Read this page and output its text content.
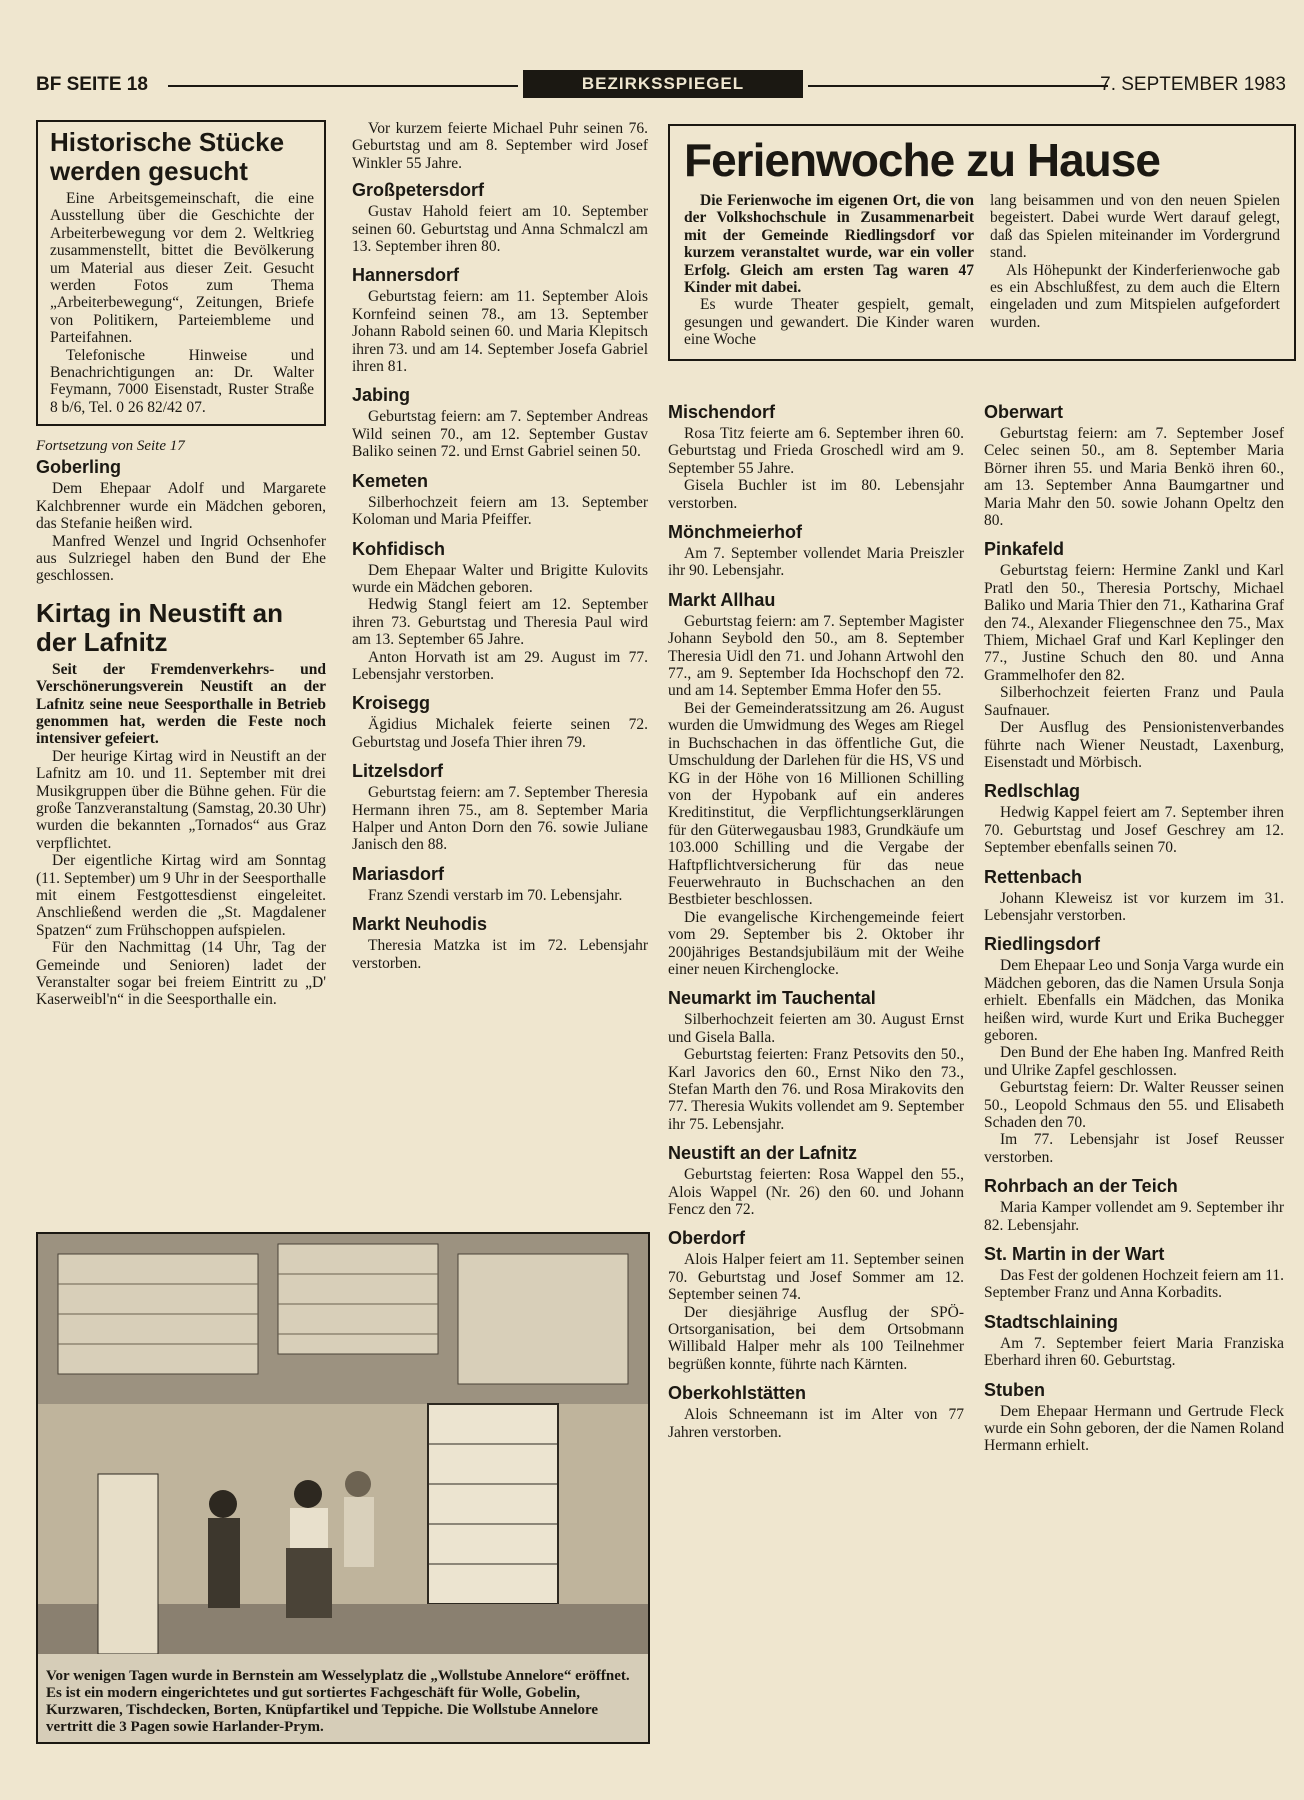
BF SEITE 18	BEZIRKSSPIEGEL	7. SEPTEMBER 1983
Historische Stücke werden gesucht

Eine Arbeitsgemeinschaft, die eine Ausstellung über die Geschichte der Arbeiterbewegung vor dem 2. Weltkrieg zusammenstellt, bittet die Bevölkerung um Material aus dieser Zeit. Gesucht werden Fotos zum Thema „Arbeiterbewegung“, Zeitungen, Briefe von Politikern, Parteiembleme und Parteifahnen.

Telefonische Hinweise und Benachrichtigungen an: Dr. Walter Feymann, 7000 Eisenstadt, Ruster Straße 8 b/6, Tel. 0 26 82/42 07.

Fortsetzung von Seite 17
Goberling

Dem Ehepaar Adolf und Margarete Kalchbrenner wurde ein Mädchen geboren, das Stefanie heißen wird.

Manfred Wenzel und Ingrid Ochsenhofer aus Sulzriegel haben den Bund der Ehe geschlossen.

Kirtag in Neustift an der Lafnitz

Seit der Fremdenverkehrs- und Verschönerungsverein Neustift an der Lafnitz seine neue Seesporthalle in Betrieb genommen hat, werden die Feste noch intensiver gefeiert.

Der heurige Kirtag wird in Neustift an der Lafnitz am 10. und 11. September mit drei Musikgruppen über die Bühne gehen. Für die große Tanzveranstaltung (Samstag, 20.30 Uhr) wurden die bekannten „Tornados“ aus Graz verpflichtet.

Der eigentliche Kirtag wird am Sonntag (11. September) um 9 Uhr in der Seesporthalle mit einem Festgottesdienst eingeleitet. Anschließend werden die „St. Magdalener Spatzen“ zum Frühschoppen aufspielen.

Für den Nachmittag (14 Uhr, Tag der Gemeinde und Senioren) ladet der Veranstalter sogar bei freiem Eintritt zu „D' Kaserweibl'n“ in die Seesporthalle ein.

Vor kurzem feierte Michael Puhr seinen 76. Geburtstag und am 8. September wird Josef Winkler 55 Jahre.

Großpetersdorf

Gustav Hahold feiert am 10. September seinen 60. Geburtstag und Anna Schmalczl am 13. September ihren 80.

Hannersdorf

Geburtstag feiern: am 11. September Alois Kornfeind seinen 78., am 13. September Johann Rabold seinen 60. und Maria Klepitsch ihren 73. und am 14. September Josefa Gabriel ihren 81.

Jabing

Geburtstag feiern: am 7. September Andreas Wild seinen 70., am 12. September Gustav Baliko seinen 72. und Ernst Gabriel seinen 50.

Kemeten

Silberhochzeit feiern am 13. September Koloman und Maria Pfeiffer.

Kohfidisch

Dem Ehepaar Walter und Brigitte Kulovits wurde ein Mädchen geboren.

Hedwig Stangl feiert am 12. September ihren 73. Geburtstag und Theresia Paul wird am 13. September 65 Jahre.

Anton Horvath ist am 29. August im 77. Lebensjahr verstorben.

Kroisegg

Ägidius Michalek feierte seinen 72. Geburtstag und Josefa Thier ihren 79.

Litzelsdorf

Geburtstag feiern: am 7. September Theresia Hermann ihren 75., am 8. September Maria Halper und Anton Dorn den 76. sowie Juliane Janisch den 88.

Mariasdorf

Franz Szendi verstarb im 70. Lebensjahr.

Markt Neuhodis

Theresia Matzka ist im 72. Lebensjahr verstorben.

Ferienwoche zu Hause

Die Ferienwoche im eigenen Ort, die von der Volkshochschule in Zusammenarbeit mit der Gemeinde Riedlingsdorf vor kurzem veranstaltet wurde, war ein voller Erfolg. Gleich am ersten Tag waren 47 Kinder mit dabei.

Es wurde Theater gespielt, gemalt, gesungen und gewandert. Die Kinder waren eine Woche

lang beisammen und von den neuen Spielen begeistert. Dabei wurde Wert darauf gelegt, daß das Spielen miteinander im Vordergrund stand.

Als Höhepunkt der Kinderferienwoche gab es ein Abschlußfest, zu dem auch die Eltern eingeladen und zum Mitspielen aufgefordert wurden.

Mischendorf

Rosa Titz feierte am 6. September ihren 60. Geburtstag und Frieda Groschedl wird am 9. September 55 Jahre.

Gisela Buchler ist im 80. Lebensjahr verstorben.

Mönchmeierhof

Am 7. September vollendet Maria Preiszler ihr 90. Lebensjahr.

Markt Allhau

Geburtstag feiern: am 7. September Magister Johann Seybold den 50., am 8. September Theresia Uidl den 71. und Johann Artwohl den 77., am 9. September Ida Hochschopf den 72. und am 14. September Emma Hofer den 55.

Bei der Gemeinderatssitzung am 26. August wurden die Umwidmung des Weges am Riegel in Buchschachen in das öffentliche Gut, die Umschuldung der Darlehen für die HS, VS und KG in der Höhe von 16 Millionen Schilling von der Hypobank auf ein anderes Kreditinstitut, die Verpflichtungserklärungen für den Güterwegausbau 1983, Grundkäufe um 103.000 Schilling und die Vergabe der Haftpflichtversicherung für das neue Feuerwehrauto in Buchschachen an den Bestbieter beschlossen.

Die evangelische Kirchengemeinde feiert vom 29. September bis 2. Oktober ihr 200jähriges Bestandsjubiläum mit der Weihe einer neuen Kirchenglocke.

Neumarkt im Tauchental

Silberhochzeit feierten am 30. August Ernst und Gisela Balla.

Geburtstag feierten: Franz Petsovits den 50., Karl Javorics den 60., Ernst Niko den 73., Stefan Marth den 76. und Rosa Mirakovits den 77. Theresia Wukits vollendet am 9. September ihr 75. Lebensjahr.

Neustift an der Lafnitz

Geburtstag feierten: Rosa Wappel den 55., Alois Wappel (Nr. 26) den 60. und Johann Fencz den 72.

Oberdorf

Alois Halper feiert am 11. September seinen 70. Geburtstag und Josef Sommer am 12. September seinen 74.

Der diesjährige Ausflug der SPÖ-Ortsorganisation, bei dem Ortsobmann Willibald Halper mehr als 100 Teilnehmer begrüßen konnte, führte nach Kärnten.

Oberkohlstätten

Alois Schneemann ist im Alter von 77 Jahren verstorben.

Oberwart

Geburtstag feiern: am 7. September Josef Celec seinen 50., am 8. September Maria Börner ihren 55. und Maria Benkö ihren 60., am 13. September Anna Baumgartner und Maria Mahr den 50. sowie Johann Opeltz den 80.

Pinkafeld

Geburtstag feiern: Hermine Zankl und Karl Pratl den 50., Theresia Portschy, Michael Baliko und Maria Thier den 71., Katharina Graf den 74., Alexander Fliegenschnee den 75., Max Thiem, Michael Graf und Karl Keplinger den 77., Justine Schuch den 80. und Anna Grammelhofer den 82.

Silberhochzeit feierten Franz und Paula Saufnauer.

Der Ausflug des Pensionistenverbandes führte nach Wiener Neustadt, Laxenburg, Eisenstadt und Mörbisch.

Redlschlag

Hedwig Kappel feiert am 7. September ihren 70. Geburtstag und Josef Geschrey am 12. September ebenfalls seinen 70.

Rettenbach

Johann Kleweisz ist vor kurzem im 31. Lebensjahr verstorben.

Riedlingsdorf

Dem Ehepaar Leo und Sonja Varga wurde ein Mädchen geboren, das die Namen Ursula Sonja erhielt. Ebenfalls ein Mädchen, das Monika heißen wird, wurde Kurt und Erika Buchegger geboren.

Den Bund der Ehe haben Ing. Manfred Reith und Ulrike Zapfel geschlossen.

Geburtstag feiern: Dr. Walter Reusser seinen 50., Leopold Schmaus den 55. und Elisabeth Schaden den 70.

Im 77. Lebensjahr ist Josef Reusser verstorben.

Rohrbach an der Teich

Maria Kamper vollendet am 9. September ihr 82. Lebensjahr.

St. Martin in der Wart

Das Fest der goldenen Hochzeit feiern am 11. September Franz und Anna Korbadits.

Stadtschlaining

Am 7. September feiert Maria Franziska Eberhard ihren 60. Geburtstag.

Stuben

Dem Ehepaar Hermann und Gertrude Fleck wurde ein Sohn geboren, der die Namen Roland Hermann erhielt.

Vor wenigen Tagen wurde in Bernstein am Wesselyplatz die „Wollstube Annelore“ eröffnet. Es ist ein modern eingerichtetes und gut sortiertes Fachgeschäft für Wolle, Gobelin, Kurzwaren, Tischdecken, Borten, Knüpfartikel und Teppiche. Die Wollstube Annelore vertritt die 3 Pagen sowie Harlander-Prym.
